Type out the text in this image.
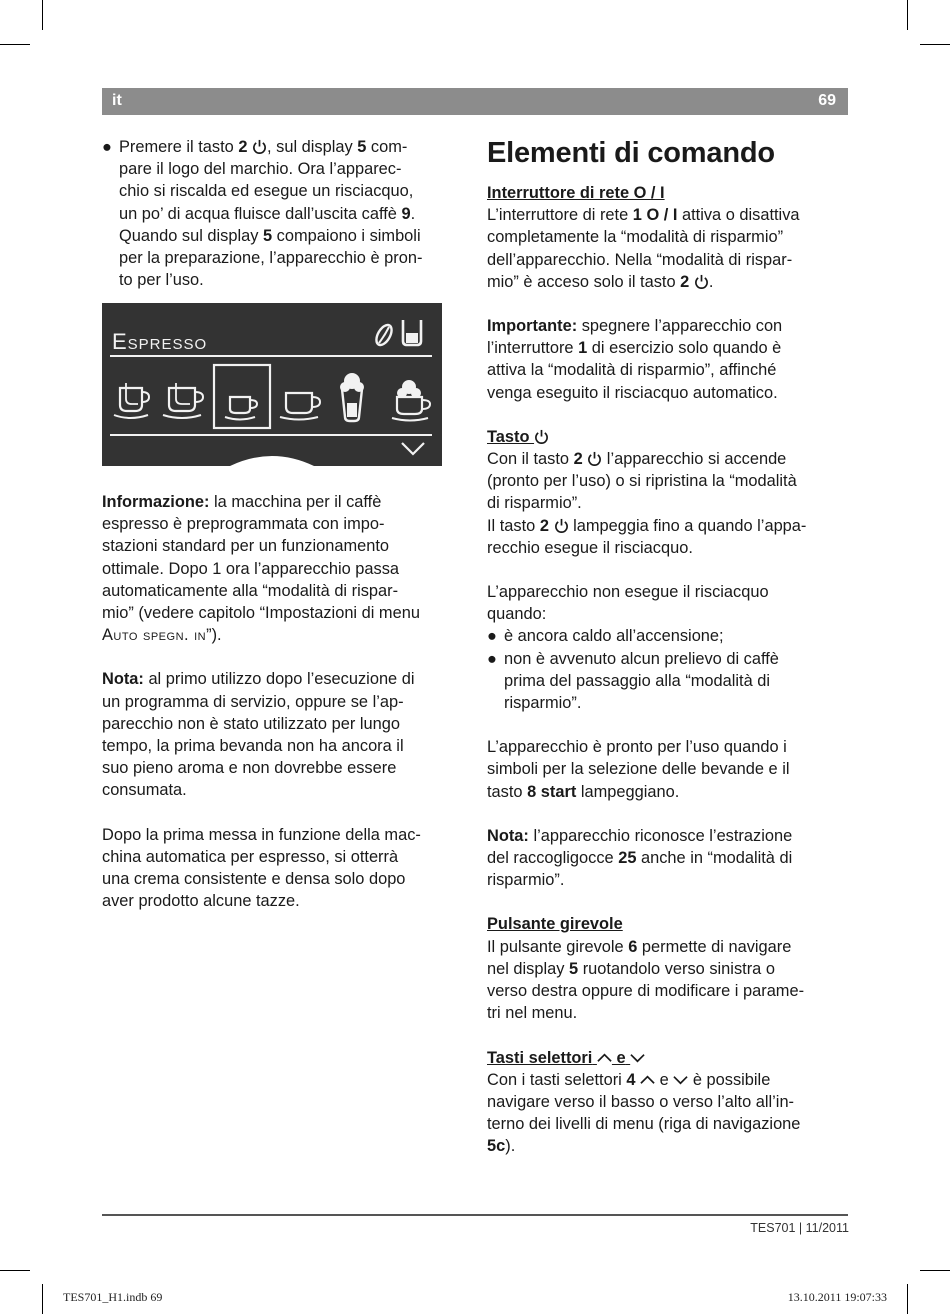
it	69
● Premere il tasto 2 , sul display 5 com-

pare il logo del marchio. Ora l’apparec-

chio si riscalda ed esegue un risciacquo,

un po’ di acqua fluisce dall’uscita caffè 9.

Quando sul display 5 compaiono i simboli

per la preparazione, l’apparecchio è pron-

to per l’uso.

Espresso

Informazione: la macchina per il caffè

espresso è preprogrammata con impo-

stazioni standard per un funzionamento

ottimale. Dopo 1 ora l’apparecchio passa

automaticamente alla “modalità di rispar-

mio” (vedere capitolo “Impostazioni di menu

Auto spegn. in”).

Nota: al primo utilizzo dopo l’esecuzione di

un programma di servizio, oppure se l’ap-

parecchio non è stato utilizzato per lungo

tempo, la prima bevanda non ha ancora il

suo pieno aroma e non dovrebbe essere

consumata.

Dopo la prima messa in funzione della mac-

china automatica per espresso, si otterrà

una crema consistente e densa solo dopo

aver prodotto alcune tazze.

Elementi di comando

Interruttore di rete O / I

L’interruttore di rete 1 O / I attiva o disattiva

completamente la “modalità di risparmio”

dell’apparecchio. Nella “modalità di rispar-

mio” è acceso solo il tasto 2 .

Importante: spegnere l’apparecchio con

l’interruttore 1 di esercizio solo quando è

attiva la “modalità di risparmio”, affinché

venga eseguito il risciacquo automatico.

Tasto

Con il tasto 2  l’apparecchio si accende

(pronto per l’uso) o si ripristina la “modalità

di risparmio”.

Il tasto 2  lampeggia fino a quando l’appa-

recchio esegue il risciacquo.

L’apparecchio non esegue il risciacquo

quando:

● è ancora caldo all’accensione;

● non è avvenuto alcun prelievo di caffè

prima del passaggio alla “modalità di

risparmio”.

L’apparecchio è pronto per l’uso quando i

simboli per la selezione delle bevande e il

tasto 8 start lampeggiano.

Nota: l’apparecchio riconosce l’estrazione

del raccogligocce 25 anche in “modalità di

risparmio”.

Pulsante girevole

Il pulsante girevole 6 permette di navigare

nel display 5 ruotandolo verso sinistra o

verso destra oppure di modificare i parame-

tri nel menu.

Tasti selettori e

Con i tasti selettori 4  e  è possibile

navigare verso il basso o verso l’alto all’in-

terno dei livelli di menu (riga di navigazione

5c).

TES701 | 11/2011
TES701_H1.indb 69	13.10.2011 19:07:33
